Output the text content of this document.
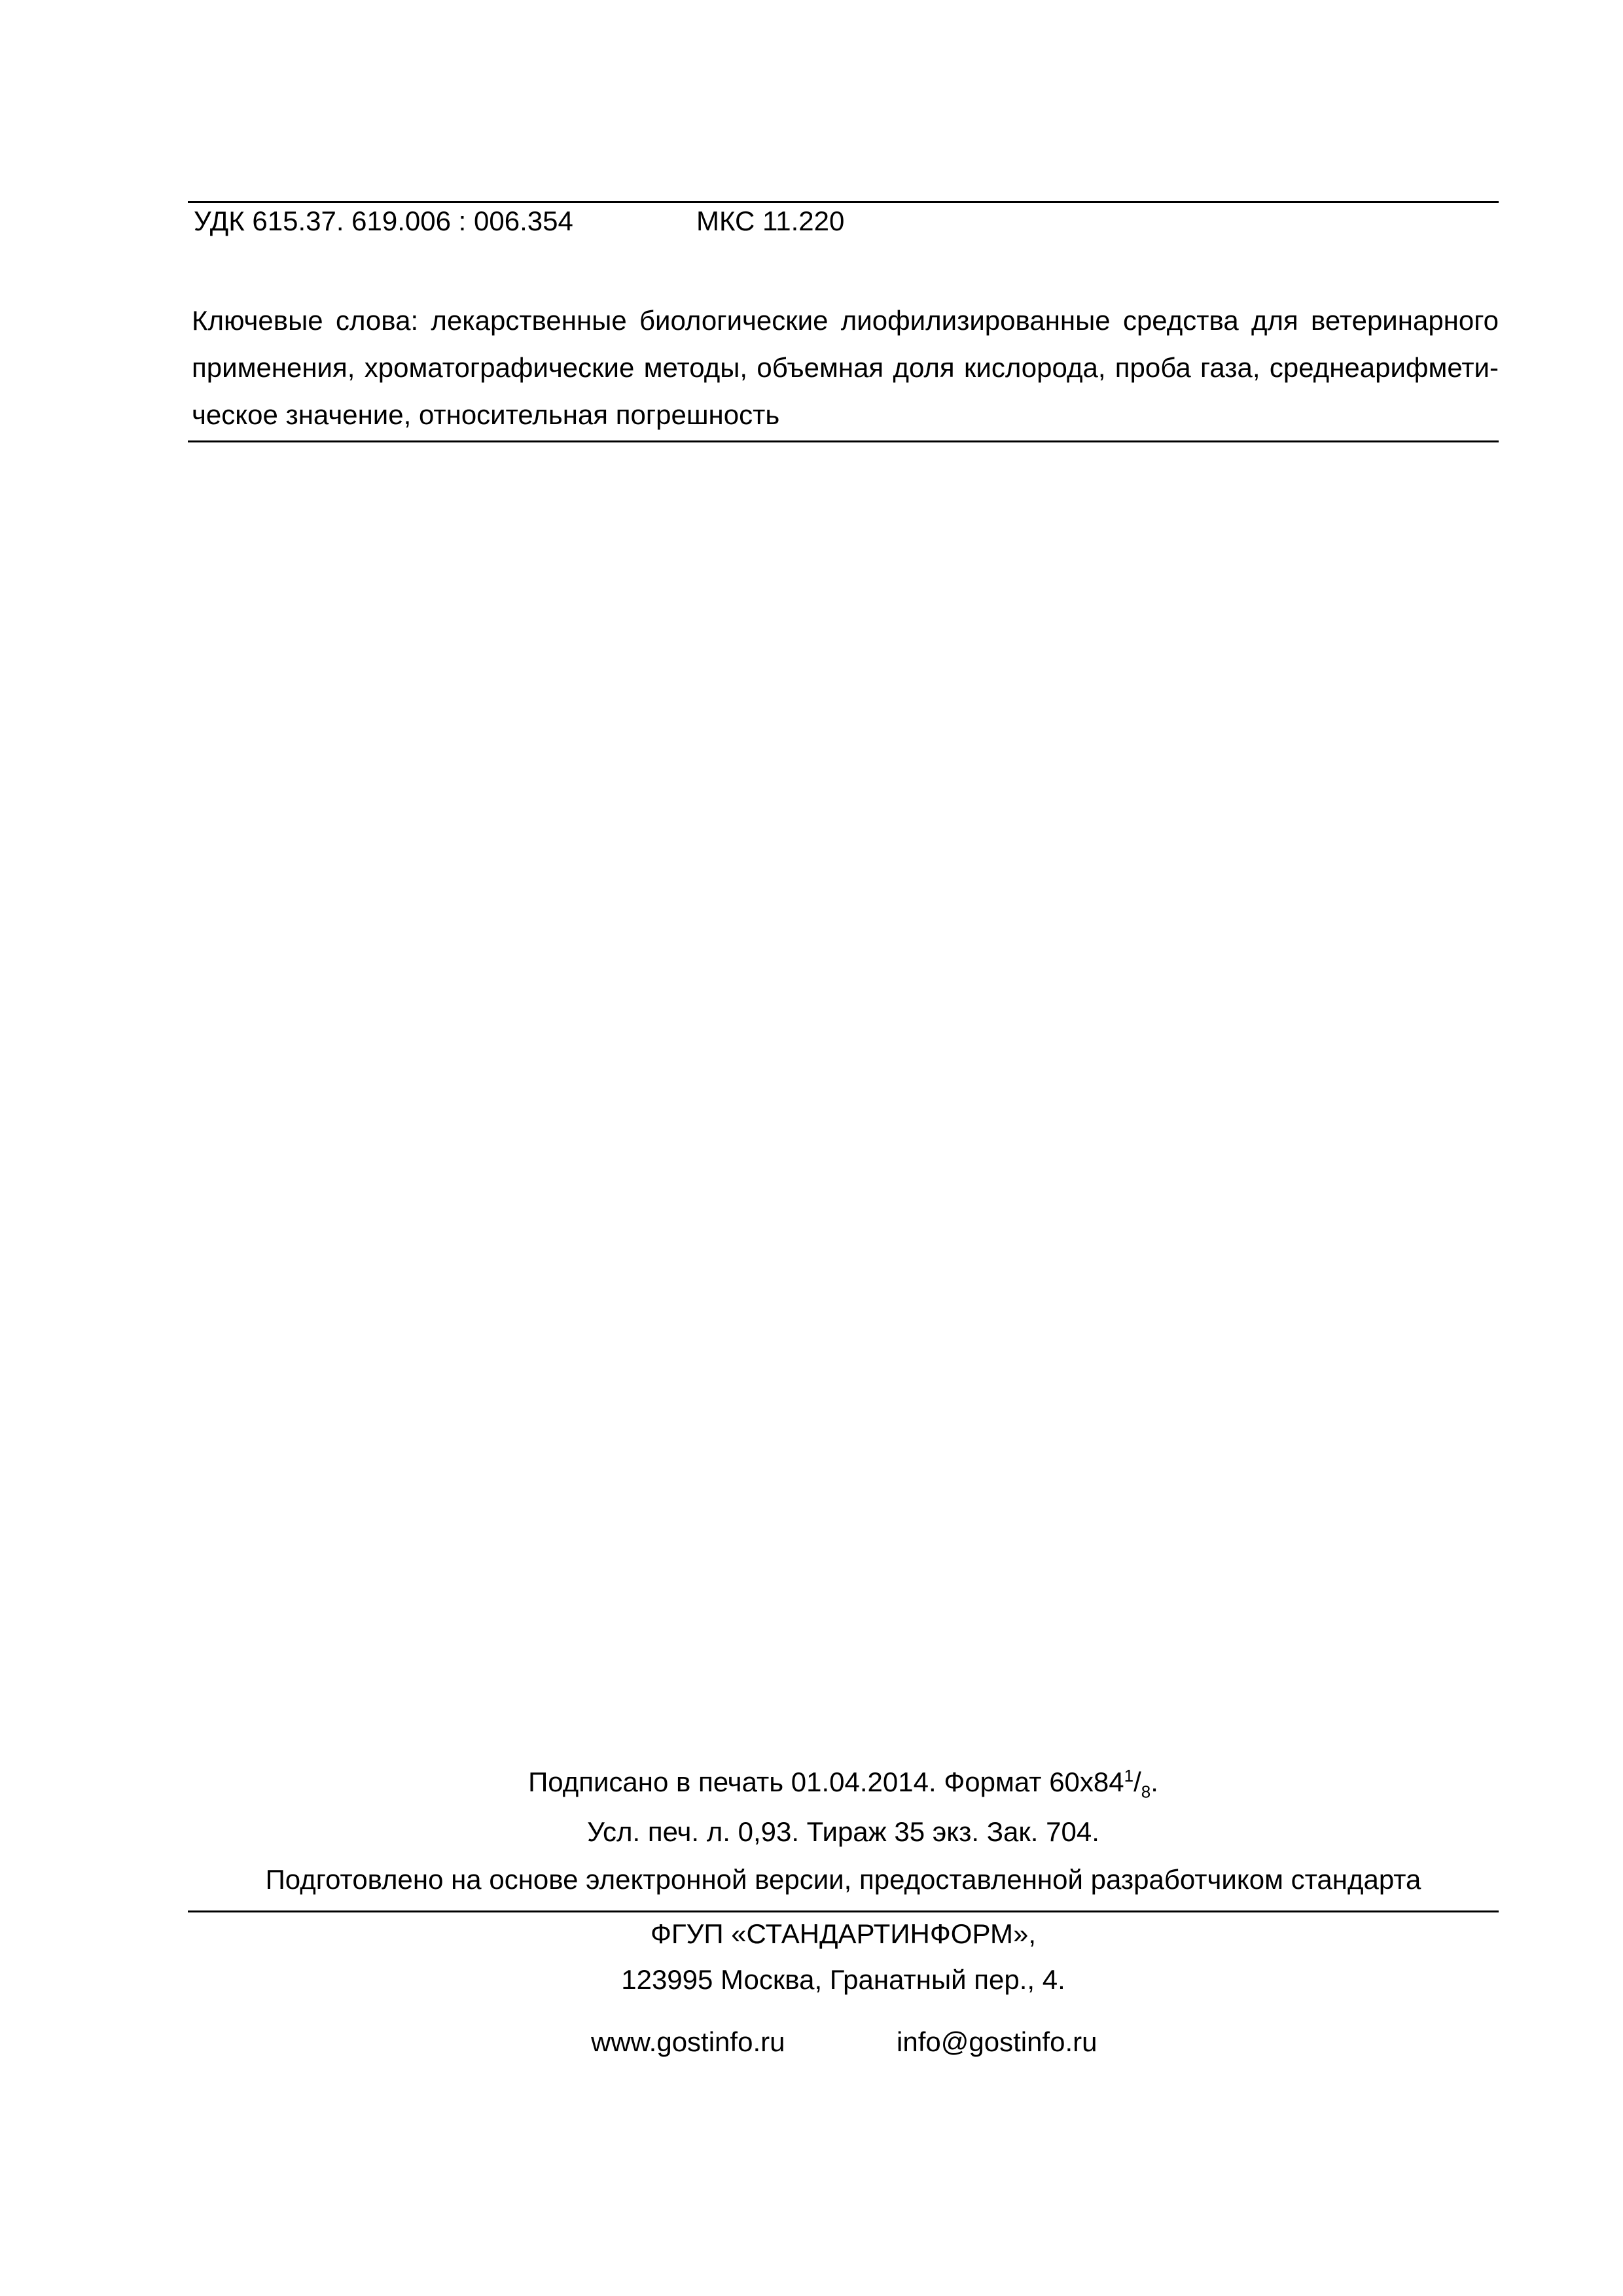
УДК 615.37. 619.006 : 006.354	МКС 11.220
Ключевые слова: лекарственные биологические лиофилизированные средства для ветеринарного применения, хроматографические методы, объемная доля кислорода, проба газа, среднеарифмети-ческое значение, относительная погрешность
Подписано в печать 01.04.2014. Формат $60x84^1/_8$.
Усл. печ. л. 0,93. Тираж 35 экз. Зак. 704.
Подготовлено на основе электронной версии, предоставленной разработчиком стандарта
ФГУП «СТАНДАРТИНФОРМ»,
123995 Москва, Гранатный пер., 4.
www.gostinfo.ru	info@gostinfo.ru
